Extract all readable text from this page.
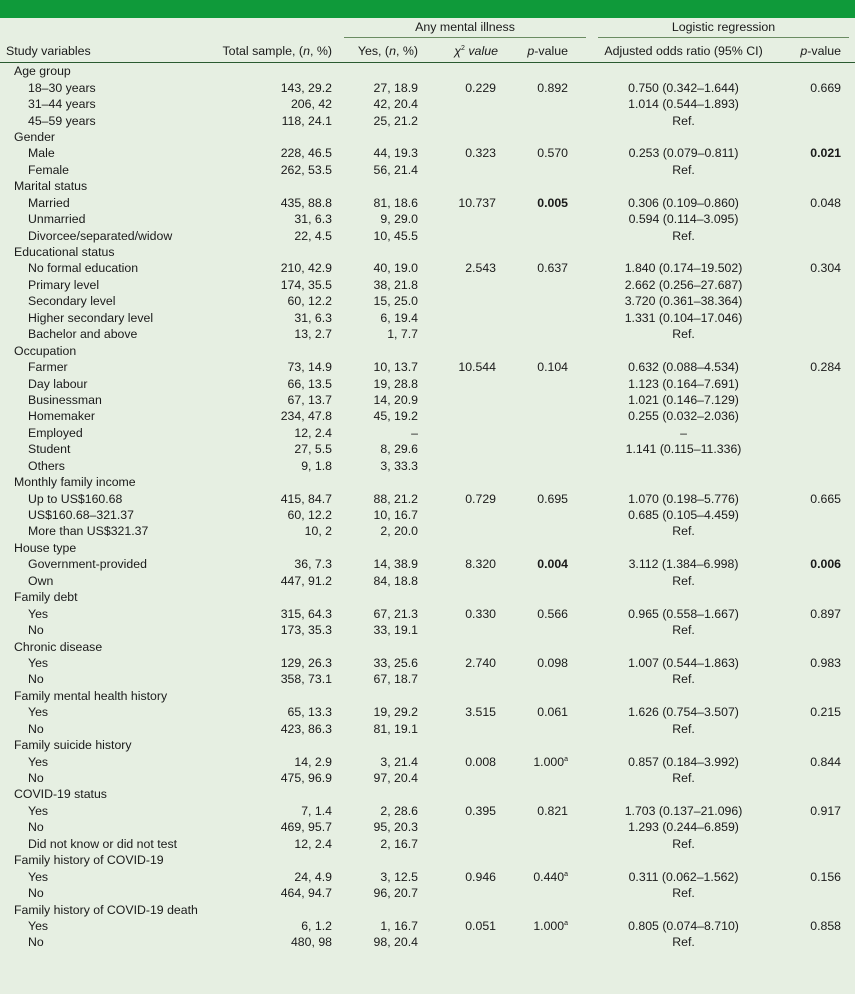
		Any mental illness			Logistic regression	

Study variables	Total sample, (n, %)	Yes, (n, %)	$\chi^2$ value	p-value	Adjusted odds ratio (95% CI)	p-value
Age group						
18–30 years	143, 29.2	27, 18.9	0.229	0.892	0.750 (0.342–1.644)	0.669
31–44 years	206, 42	42, 20.4			1.014 (0.544–1.893)	
45–59 years	118, 24.1	25, 21.2			Ref.	
Gender						
Male	228, 46.5	44, 19.3	0.323	0.570	0.253 (0.079–0.811)	0.021
Female	262, 53.5	56, 21.4			Ref.	
Marital status						
Married	435, 88.8	81, 18.6	10.737	0.005	0.306 (0.109–0.860)	0.048
Unmarried	31, 6.3	9, 29.0			0.594 (0.114–3.095)	
Divorcee/separated/widow	22, 4.5	10, 45.5			Ref.	
Educational status						
No formal education	210, 42.9	40, 19.0	2.543	0.637	1.840 (0.174–19.502)	0.304
Primary level	174, 35.5	38, 21.8			2.662 (0.256–27.687)	
Secondary level	60, 12.2	15, 25.0			3.720 (0.361–38.364)	
Higher secondary level	31, 6.3	6, 19.4			1.331 (0.104–17.046)	
Bachelor and above	13, 2.7	1, 7.7			Ref.	
Occupation						
Farmer	73, 14.9	10, 13.7	10.544	0.104	0.632 (0.088–4.534)	0.284
Day labour	66, 13.5	19, 28.8			1.123 (0.164–7.691)	
Businessman	67, 13.7	14, 20.9			1.021 (0.146–7.129)	
Homemaker	234, 47.8	45, 19.2			0.255 (0.032–2.036)	
Employed	12, 2.4	–			–	
Student	27, 5.5	8, 29.6			1.141 (0.115–11.336)	
Others	9, 1.8	3, 33.3				
Monthly family income						
Up to US$160.68	415, 84.7	88, 21.2	0.729	0.695	1.070 (0.198–5.776)	0.665
US$160.68–321.37	60, 12.2	10, 16.7			0.685 (0.105–4.459)	
More than US$321.37	10, 2	2, 20.0			Ref.	
House type						
Government-provided	36, 7.3	14, 38.9	8.320	0.004	3.112 (1.384–6.998)	0.006
Own	447, 91.2	84, 18.8			Ref.	
Family debt						
Yes	315, 64.3	67, 21.3	0.330	0.566	0.965 (0.558–1.667)	0.897
No	173, 35.3	33, 19.1			Ref.	
Chronic disease						
Yes	129, 26.3	33, 25.6	2.740	0.098	1.007 (0.544–1.863)	0.983
No	358, 73.1	67, 18.7			Ref.	
Family mental health history						
Yes	65, 13.3	19, 29.2	3.515	0.061	1.626 (0.754–3.507)	0.215
No	423, 86.3	81, 19.1			Ref.	
Family suicide history						
Yes	14, 2.9	3, 21.4	0.008	1.000$^a$	0.857 (0.184–3.992)	0.844
No	475, 96.9	97, 20.4			Ref.	
COVID-19 status						
Yes	7, 1.4	2, 28.6	0.395	0.821	1.703 (0.137–21.096)	0.917
No	469, 95.7	95, 20.3			1.293 (0.244–6.859)	
Did not know or did not test	12, 2.4	2, 16.7			Ref.	
Family history of COVID-19						
Yes	24, 4.9	3, 12.5	0.946	0.440$^a$	0.311 (0.062–1.562)	0.156
No	464, 94.7	96, 20.7			Ref.	
Family history of COVID-19 death						
Yes	6, 1.2	1, 16.7	0.051	1.000$^a$	0.805 (0.074–8.710)	0.858
No	480, 98	98, 20.4			Ref.	
